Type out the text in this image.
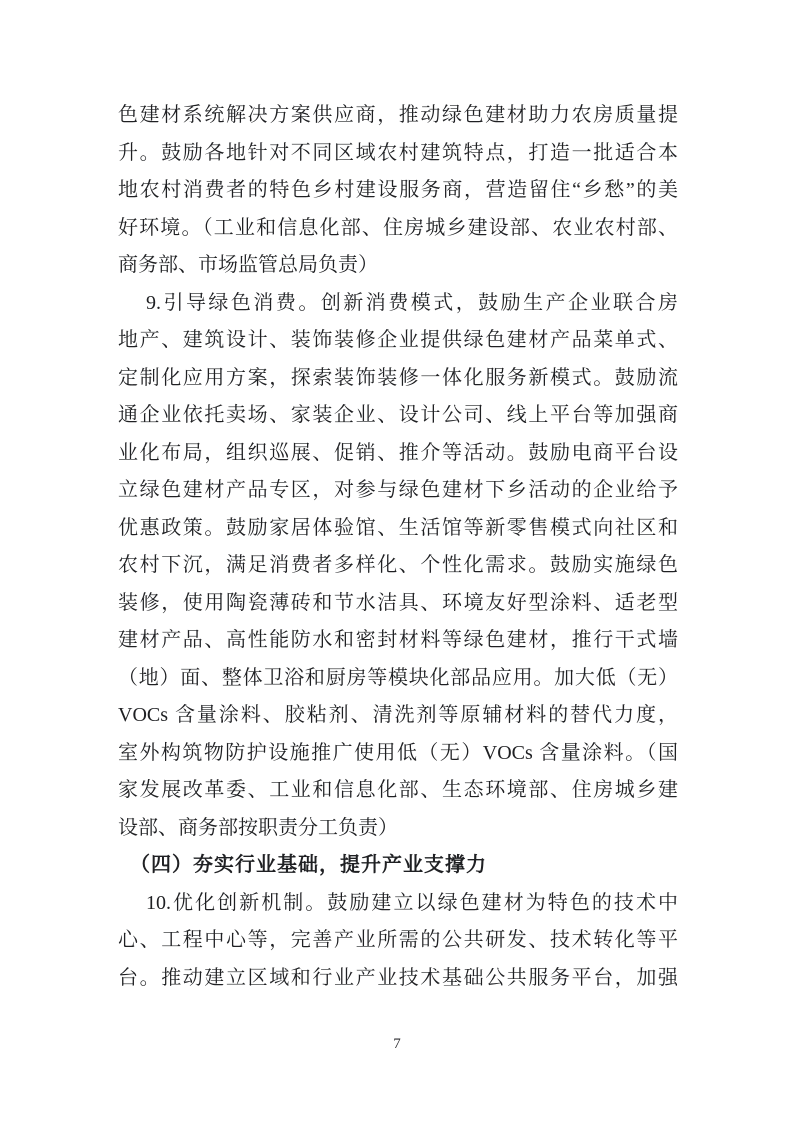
色建材系统解决方案供应商，推动绿色建材助力农房质量提
升。鼓励各地针对不同区域农村建筑特点，打造一批适合本
地农村消费者的特色乡村建设服务商，营造留住“乡愁”的美
好环境。（工业和信息化部、住房城乡建设部、农业农村部、
商务部、市场监管总局负责）
9.引导绿色消费。创新消费模式，鼓励生产企业联合房
地产、建筑设计、装饰装修企业提供绿色建材产品菜单式、
定制化应用方案，探索装饰装修一体化服务新模式。鼓励流
通企业依托卖场、家装企业、设计公司、线上平台等加强商
业化布局，组织巡展、促销、推介等活动。鼓励电商平台设
立绿色建材产品专区，对参与绿色建材下乡活动的企业给予
优惠政策。鼓励家居体验馆、生活馆等新零售模式向社区和
农村下沉，满足消费者多样化、个性化需求。鼓励实施绿色
装修，使用陶瓷薄砖和节水洁具、环境友好型涂料、适老型
建材产品、高性能防水和密封材料等绿色建材，推行干式墙
（地）面、整体卫浴和厨房等模块化部品应用。加大低（无）
VOCs 含量涂料、胶粘剂、清洗剂等原辅材料的替代力度，
室外构筑物防护设施推广使用低（无）VOCs 含量涂料。（国
家发展改革委、工业和信息化部、生态环境部、住房城乡建
设部、商务部按职责分工负责）
（四）夯实行业基础，提升产业支撑力
10.优化创新机制。鼓励建立以绿色建材为特色的技术中
心、工程中心等，完善产业所需的公共研发、技术转化等平
台。推动建立区域和行业产业技术基础公共服务平台，加强
7
